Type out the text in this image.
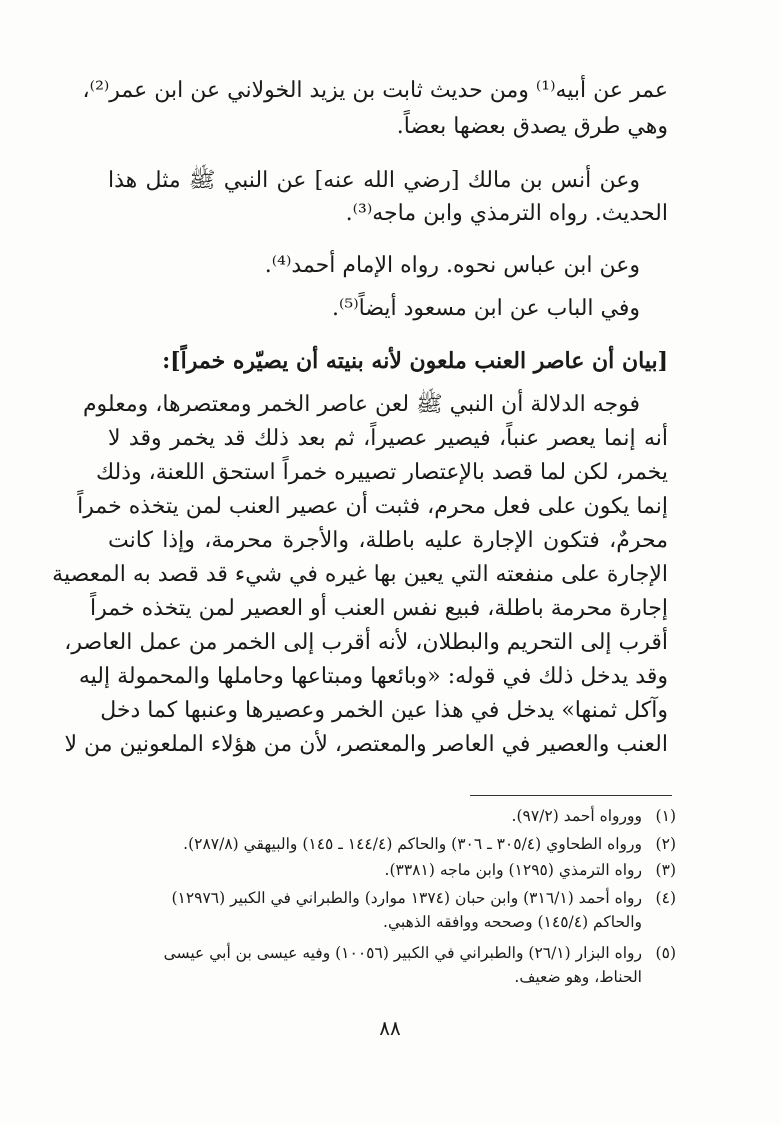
عمر عن أبيه⁽¹⁾ ومن حديث ثابت بن يزيد الخولاني عن ابن عمر⁽²⁾،
وهي طرق يصدق بعضها بعضاً.
وعن أنس بن مالك [رضي الله عنه] عن النبي ﷺ مثل هذا
الحديث. رواه الترمذي وابن ماجه⁽³⁾.
وعن ابن عباس نحوه. رواه الإمام أحمد⁽⁴⁾.
وفي الباب عن ابن مسعود أيضاً⁽⁵⁾.
[بيان أن عاصر العنب ملعون لأنه بنيته أن يصيّره خمراً]:
فوجه الدلالة أن النبي ﷺ لعن عاصر الخمر ومعتصرها، ومعلوم
أنه إنما يعصر عنباً، فيصير عصيراً، ثم بعد ذلك قد يخمر وقد لا
يخمر، لكن لما قصد بالإعتصار تصييره خمراً استحق اللعنة، وذلك
إنما يكون على فعل محرم، فثبت أن عصير العنب لمن يتخذه خمراً
محرمٌ، فتكون الإجارة عليه باطلة، والأجرة محرمة، وإذا كانت
الإجارة على منفعته التي يعين بها غيره في شيء قد قصد به المعصية
إجارة محرمة باطلة، فبيع نفس العنب أو العصير لمن يتخذه خمراً
أقرب إلى التحريم والبطلان، لأنه أقرب إلى الخمر من عمل العاصر،
وقد يدخل ذلك في قوله: «وبائعها ومبتاعها وحاملها والمحمولة إليه
وآكل ثمنها» يدخل في هذا عين الخمر وعصيرها وعنبها كما دخل
العنب والعصير في العاصر والمعتصر، لأن من هؤلاء الملعونين من لا
(١)وورواه أحمد (٩٧/٢).
(٢)ورواه الطحاوي (٣٠٥/٤ ـ ٣٠٦) والحاكم (١٤٤/٤ ـ ١٤٥) والبيهقي (٢٨٧/٨).
(٣)رواه الترمذي (١٢٩٥) وابن ماجه (٣٣٨١).
(٤)رواه أحمد (٣١٦/١) وابن حبان (١٣٧٤ موارد) والطبراني في الكبير (١٢٩٧٦)
والحاكم (١٤٥/٤) وصححه ووافقه الذهبي.
(٥)رواه البزار (٢٦/١) والطبراني في الكبير (١٠٠٥٦) وفيه عيسى بن أبي عيسى
الحناط، وهو ضعيف.
٨٨
